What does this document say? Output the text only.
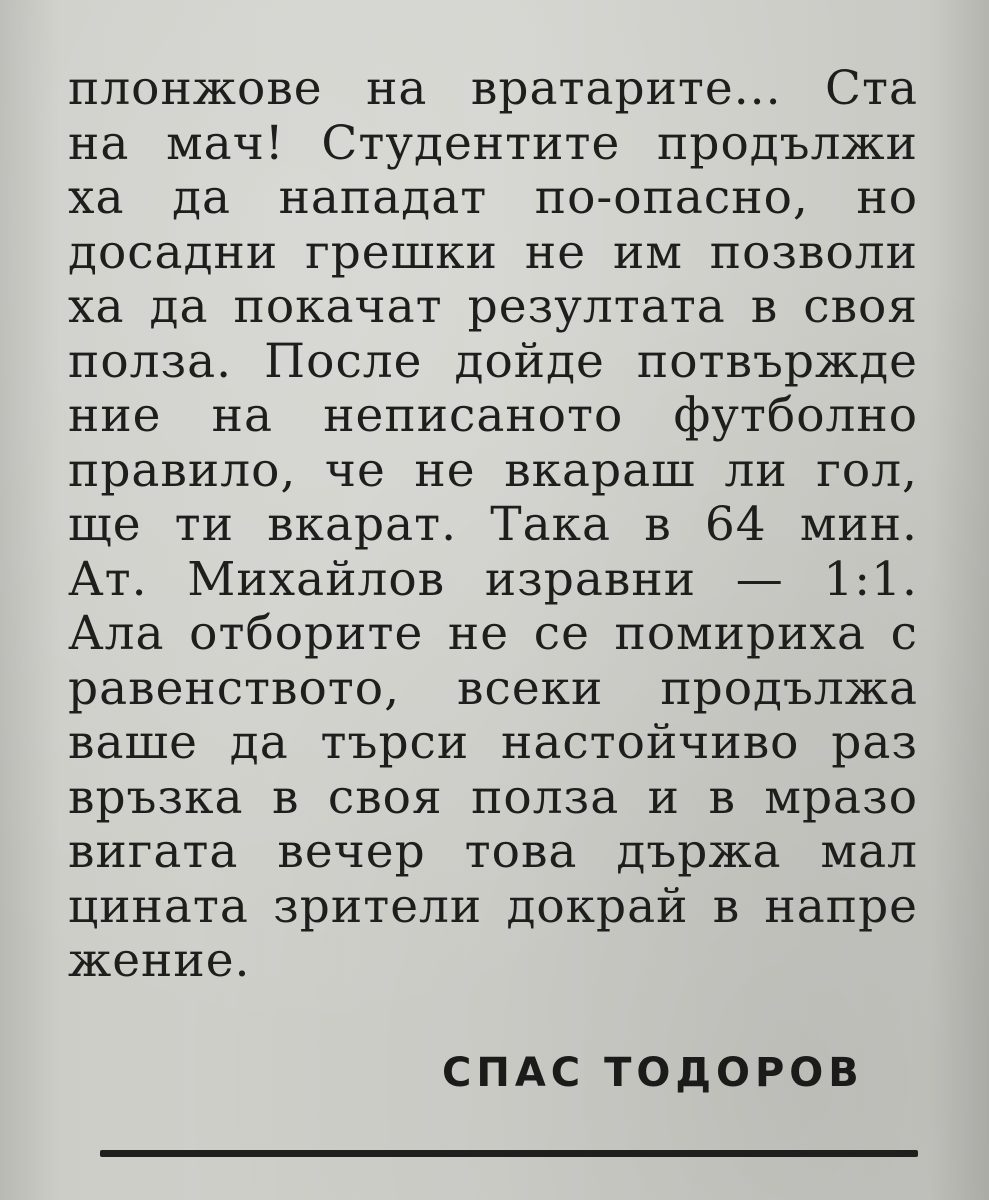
плонжове на вратарите... Ста
на мач! Студентите продължи
ха да нападат по-опасно, но
досадни грешки не им позволи
ха да покачат резултата в своя
полза. После дойде потвържде
ние на неписаното футболно
правило, че не вкараш ли гол,
ще ти вкарат. Така в 64 мин.
Ат. Михайлов изравни — 1:1.
Ала отборите не се помириха с
равенството, всеки продължа
ваше да търси настойчиво раз
връзка в своя полза и в мразо
вигата вечер това държа мал
цината зрители докрай в напре
жение.
СПАС ТОДОРОВ
